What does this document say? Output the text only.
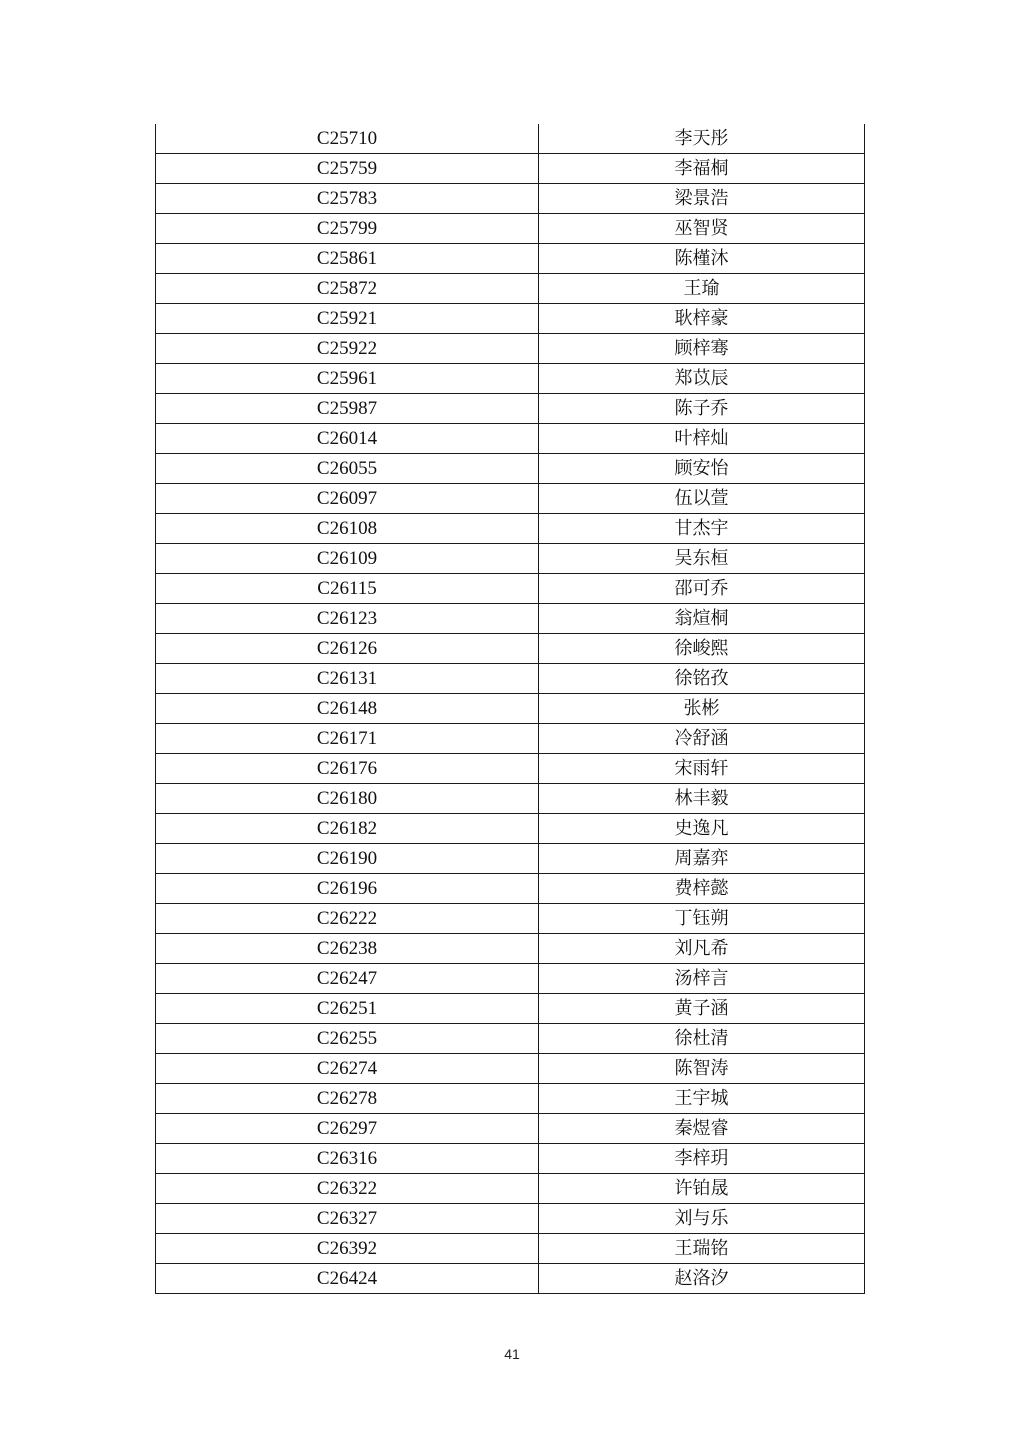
C25710	李天彤
C25759	李福桐
C25783	梁景浩
C25799	巫智贤
C25861	陈槿沐
C25872	王瑜
C25921	耿梓豪
C25922	顾梓骞
C25961	郑苡辰
C25987	陈子乔
C26014	叶梓灿
C26055	顾安怡
C26097	伍以萱
C26108	甘杰宇
C26109	吴东桓
C26115	邵可乔
C26123	翁煊桐
C26126	徐峻熙
C26131	徐铭孜
C26148	张彬
C26171	冷舒涵
C26176	宋雨轩
C26180	林丰毅
C26182	史逸凡
C26190	周嘉弈
C26196	费梓懿
C26222	丁钰朔
C26238	刘凡希
C26247	汤梓言
C26251	黄子涵
C26255	徐杜清
C26274	陈智涛
C26278	王宇城
C26297	秦煜睿
C26316	李梓玥
C26322	许铂晟
C26327	刘与乐
C26392	王瑞铭
C26424	赵洛汐
41
